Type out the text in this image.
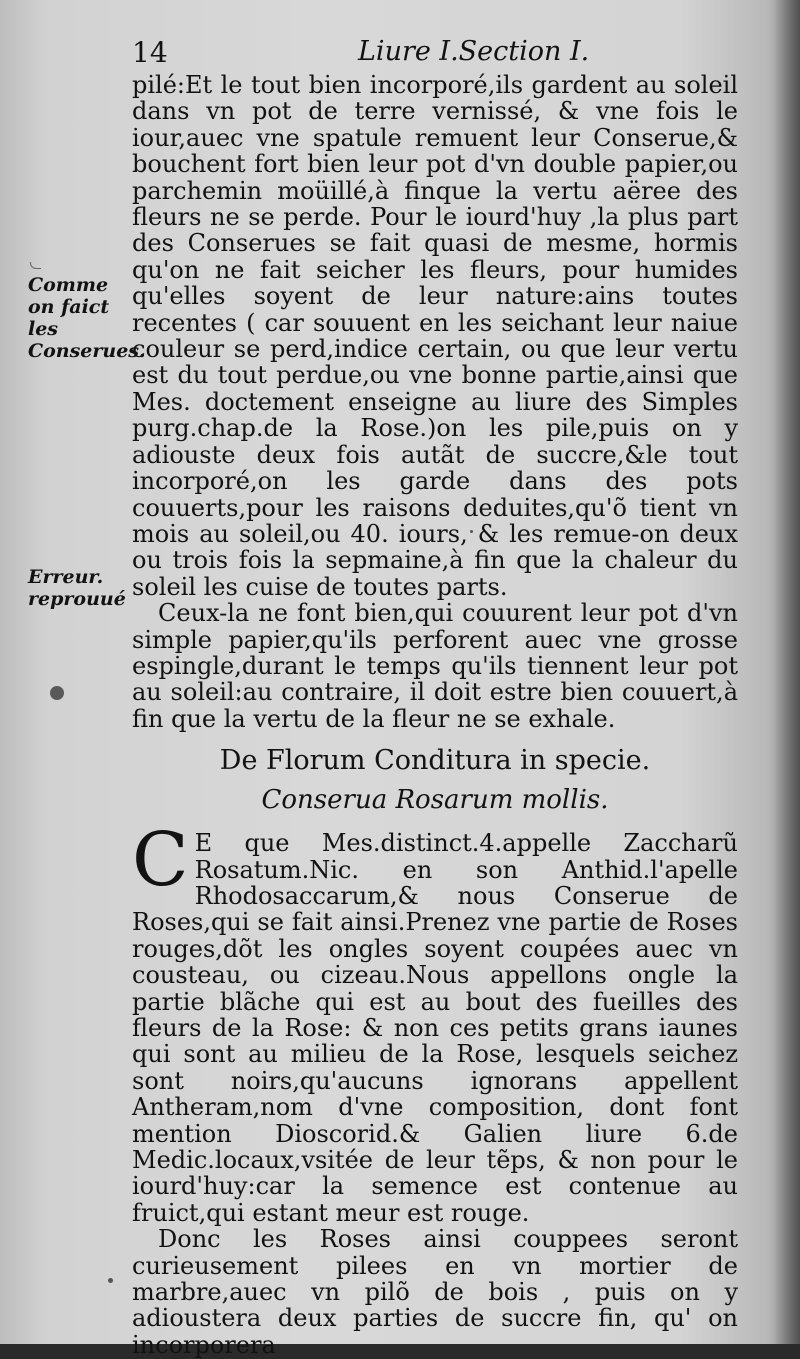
14	Liure I.Section I.
Comme on faict les Conserues.
Erreur. reprouué

pilé:Et le tout bien incorporé,ils gardent au soleil dans vn pot de terre vernissé, & vne fois le iour,auec vne spatule remuent leur Conserue,& bouchent fort bien leur pot d'vn double papier,ou parchemin moüillé,à finque la vertu aëree des fleurs ne se perde. Pour le iourd'huy ,la plus part des Conserues se fait quasi de mesme, hormis qu'on ne fait seicher les fleurs, pour humides qu'elles soyent de leur nature:ains toutes recentes ( car souuent en les seichant leur naiue couleur se perd,indice certain, ou que leur vertu est du tout perdue,ou vne bonne partie,ainsi que Mes. doctement enseigne au liure des Simples purg.chap.de la Rose.)on les pile,puis on y adiouste deux fois autãt de succre,&le tout incorporé,on les garde dans des pots couuerts,pour les raisons deduites,qu'õ tient vn mois au soleil,ou 40. iours, & les remue-on deux ou trois fois la sepmaine,à fin que la chaleur du soleil les cuise de toutes parts.

Ceux-la ne font bien,qui couurent leur pot d'vn simple papier,qu'ils perforent auec vne grosse espingle,durant le temps qu'ils tiennent leur pot au soleil:au contraire, il doit estre bien couuert,à fin que la vertu de la fleur ne se exhale.

De Florum Conditura in specie.
Conserua Rosarum mollis.

C E que Mes.distinct.4.appelle Zaccharũ Rosatum.Nic. en son Anthid.l'apelle Rhodosaccarum,& nous Conserue de Roses,qui se fait ainsi.Prenez vne partie de Roses rouges,dõt les ongles soyent coupées auec vn cousteau, ou cizeau.Nous appellons ongle la partie blãche qui est au bout des fueilles des fleurs de la Rose: & non ces petits grans iaunes qui sont au milieu de la Rose, lesquels seichez sont noirs,qu'aucuns ignorans appellent Antheram,nom d'vne composition, dont font mention Dioscorid.& Galien liure 6.de Medic.locaux,vsitée de leur tẽps, & non pour le iourd'huy:car la semence est contenue au fruict,qui estant meur est rouge.

Donc les Roses ainsi couppees seront curieusement pilees en vn mortier de marbre,auec vn pilõ de bois , puis on y adioustera deux parties de succre fin, qu' on incorporera
